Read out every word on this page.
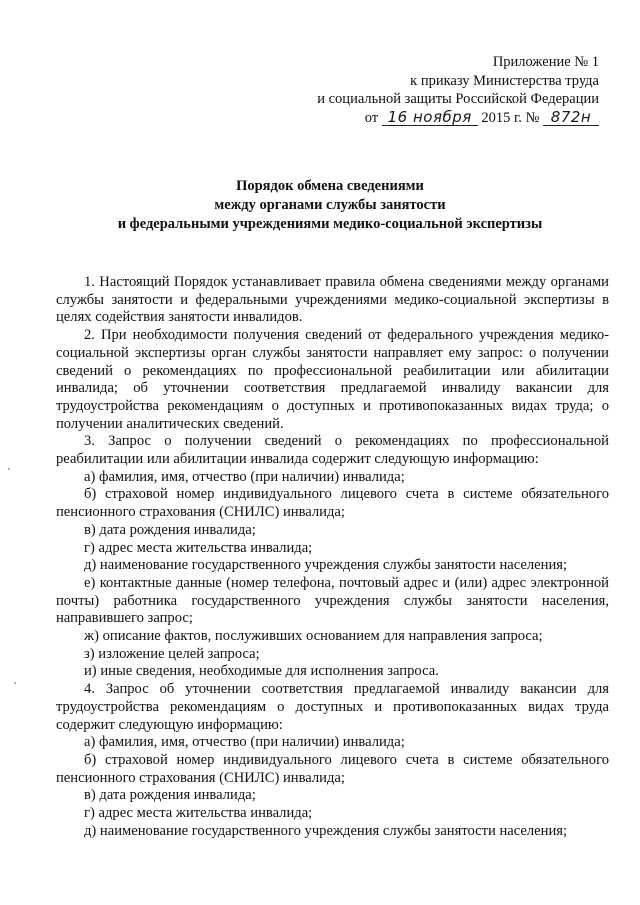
Приложение № 1
к приказу Министерства труда
и социальной защиты Российской Федерации
от 16 ноября 2015 г. № 872н
Порядок обмена сведениями
между органами службы занятости
и федеральными учреждениями медико-социальной экспертизы

1. Настоящий Порядок устанавливает правила обмена сведениями между органами службы занятости и федеральными учреждениями медико-социальной экспертизы в целях содействия занятости инвалидов.

2. При необходимости получения сведений от федерального учреждения медико-социальной экспертизы орган службы занятости направляет ему запрос: о получении сведений о рекомендациях по профессиональной реабилитации или абилитации инвалида; об уточнении соответствия предлагаемой инвалиду вакансии для трудоустройства рекомендациям о доступных и противопоказанных видах труда; о получении аналитических сведений.

3. Запрос о получении сведений о рекомендациях по профессиональной реабилитации или абилитации инвалида содержит следующую информацию:

а) фамилия, имя, отчество (при наличии) инвалида;

б) страховой номер индивидуального лицевого счета в системе обязательного пенсионного страхования (СНИЛС) инвалида;

в) дата рождения инвалида;

г) адрес места жительства инвалида;

д) наименование государственного учреждения службы занятости населения;

е) контактные данные (номер телефона, почтовый адрес и (или) адрес электронной почты) работника государственного учреждения службы занятости населения, направившего запрос;

ж) описание фактов, послуживших основанием для направления запроса;

з) изложение целей запроса;

и) иные сведения, необходимые для исполнения запроса.

4. Запрос об уточнении соответствия предлагаемой инвалиду вакансии для трудоустройства рекомендациям о доступных и противопоказанных видах труда содержит следующую информацию:

а) фамилия, имя, отчество (при наличии) инвалида;

б) страховой номер индивидуального лицевого счета в системе обязательного пенсионного страхования (СНИЛС) инвалида;

в) дата рождения инвалида;

г) адрес места жительства инвалида;

д) наименование государственного учреждения службы занятости населения;
